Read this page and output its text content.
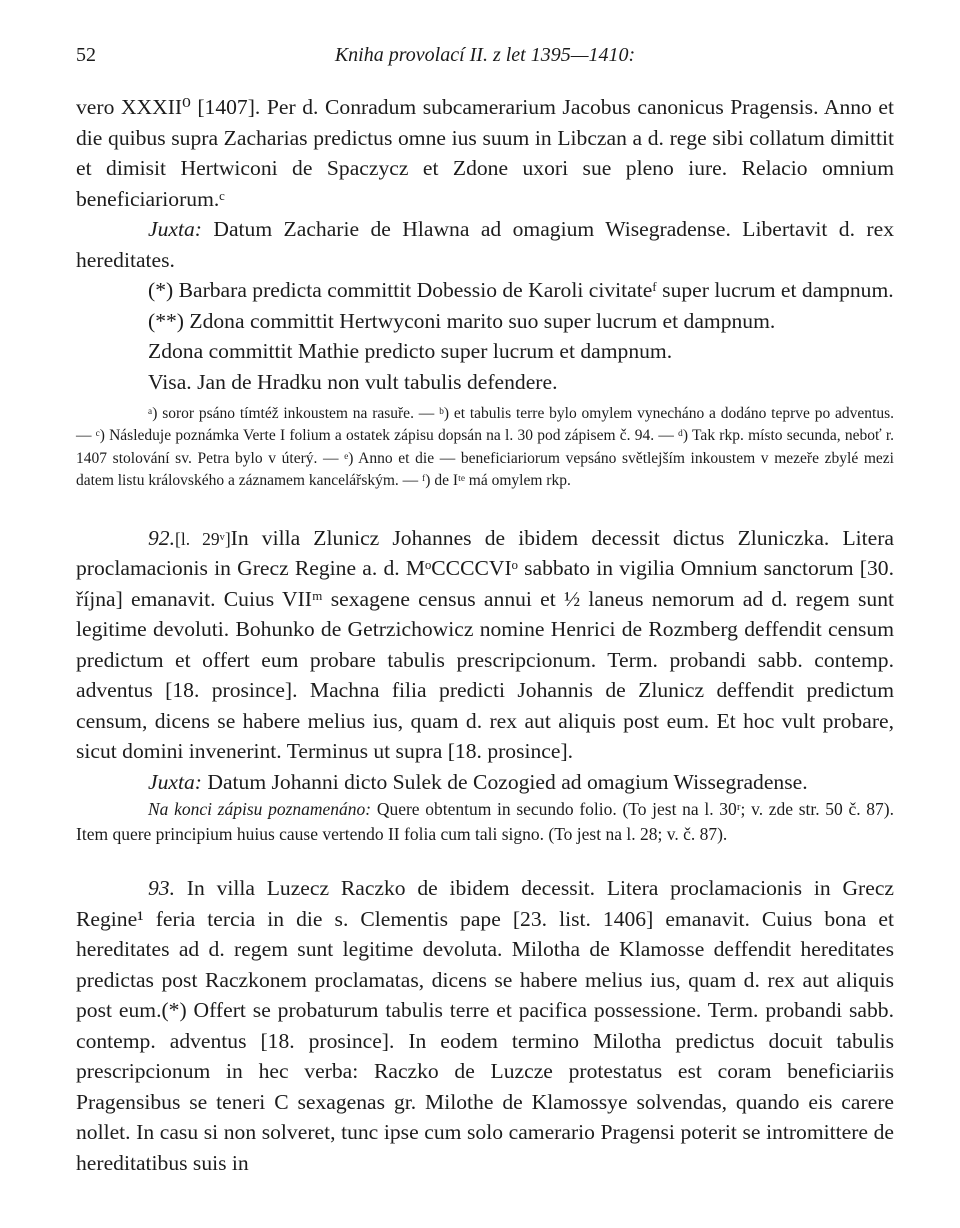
52	Kniha provolací II. z let 1395—1410:

vero XXXII⁰ [1407]. Per d. Conradum subcamerarium Jacobus canonicus Pragensis. Anno et die quibus supra Zacharias predictus omne ius suum in Libczan a d. rege sibi collatum dimittit et dimisit Hertwiconi de Spaczycz et Zdone uxori sue pleno iure. Relacio omnium beneficiariorum.ᶜ

Juxta: Datum Zacharie de Hlawna ad omagium Wisegradense. Libertavit d. rex hereditates.

(*) Barbara predicta committit Dobessio de Karoli civitateᶠ super lucrum et dampnum.

(**) Zdona committit Hertwyconi marito suo super lucrum et dampnum.

Zdona committit Mathie predicto super lucrum et dampnum.

Visa. Jan de Hradku non vult tabulis defendere.

ᵃ) soror psáno tímtéž inkoustem na rasuře. — ᵇ) et tabulis terre bylo omylem vynecháno a dodáno teprve po adventus. — ᶜ) Následuje poznámka Verte I folium a ostatek zápisu dopsán na l. 30 pod zápisem č. 94. — ᵈ) Tak rkp. místo secunda, neboť r. 1407 stolování sv. Petra bylo v úterý. — ᵉ) Anno et die — beneficiariorum vepsáno světlejším inkoustem v mezeře zbylé mezi datem listu královského a záznamem kancelářským. — ᶠ) de Iᵗᵉ má omylem rkp.

92.[l. 29ᵛ]In villa Zlunicz Johannes de ibidem decessit dictus Zluniczka. Litera proclamacionis in Grecz Regine a. d. MᵒCCCCVIᵒ sabbato in vigilia Omnium sanctorum [30. října] emanavit. Cuius VIIᵐ sexagene census annui et ½ laneus nemorum ad d. regem sunt legitime devoluti. Bohunko de Getrzichowicz nomine Henrici de Rozmberg deffendit censum predictum et offert eum probare tabulis prescripcionum. Term. probandi sabb. contemp. adventus [18. prosince]. Machna filia predicti Johannis de Zlunicz deffendit predictum censum, dicens se habere melius ius, quam d. rex aut aliquis post eum. Et hoc vult probare, sicut domini invenerint. Terminus ut supra [18. prosince].

Juxta: Datum Johanni dicto Sulek de Cozogied ad omagium Wissegradense.

Na konci zápisu poznamenáno: Quere obtentum in secundo folio. (To jest na l. 30ʳ; v. zde str. 50 č. 87). Item quere principium huius cause vertendo II folia cum tali signo. (To jest na l. 28; v. č. 87).

93. In villa Luzecz Raczko de ibidem decessit. Litera proclamacionis in Grecz Regine¹ feria tercia in die s. Clementis pape [23. list. 1406] emanavit. Cuius bona et hereditates ad d. regem sunt legitime devoluta. Milotha de Klamosse deffendit hereditates predictas post Raczkonem proclamatas, dicens se habere melius ius, quam d. rex aut aliquis post eum.(*) Offert se probaturum tabulis terre et pacifica possessione. Term. probandi sabb. contemp. adventus [18. prosince]. In eodem termino Milotha predictus docuit tabulis prescripcionum in hec verba: Raczko de Luzcze protestatus est coram beneficiariis Pragensibus se teneri C sexagenas gr. Milothe de Klamossye solvendas, quando eis carere nollet. In casu si non solveret, tunc ipse cum solo camerario Pragensi poterit se intromittere de hereditatibus suis in
